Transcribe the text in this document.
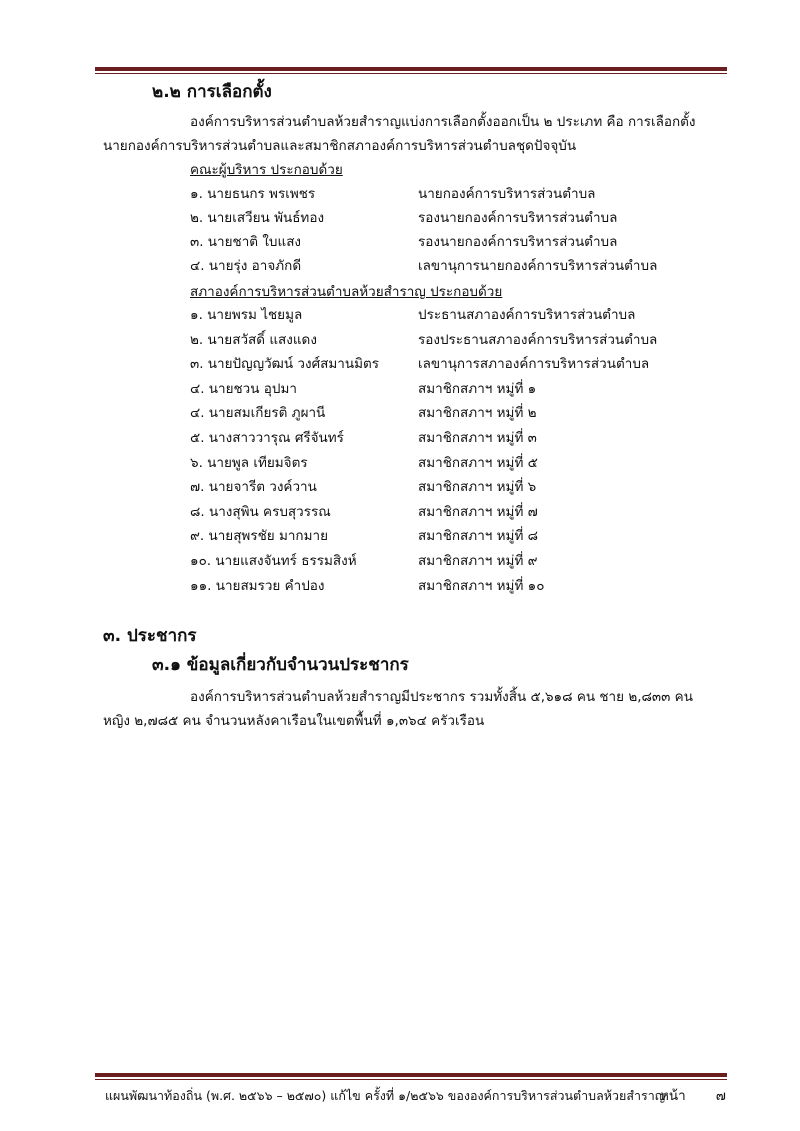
๒.๒ การเลือกตั้ง
องค์การบริหารส่วนตำบลห้วยสำราญแบ่งการเลือกตั้งออกเป็น ๒ ประเภท คือ การเลือกตั้ง
นายกองค์การบริหารส่วนตำบลและสมาชิกสภาองค์การบริหารส่วนตำบลชุดปัจจุบัน
คณะผู้บริหาร ประกอบด้วย
๑. นายธนกร พรเพชร	นายกองค์การบริหารส่วนตำบล
๒. นายเสวียน พันธ์ทอง	รองนายกองค์การบริหารส่วนตำบล
๓. นายชาติ ใบแสง	รองนายกองค์การบริหารส่วนตำบล
๔. นายรุ่ง อาจภักดี	เลขานุการนายกองค์การบริหารส่วนตำบล
สภาองค์การบริหารส่วนตำบลห้วยสำราญ ประกอบด้วย
๑. นายพรม ไชยมูล	ประธานสภาองค์การบริหารส่วนตำบล
๒. นายสวัสดิ์ แสงแดง	รองประธานสภาองค์การบริหารส่วนตำบล
๓. นายปัญญวัฒน์ วงศ์สมานมิตร	เลขานุการสภาองค์การบริหารส่วนตำบล
๔. นายชวน อุปมา	สมาชิกสภาฯ หมู่ที่ ๑
๔. นายสมเกียรติ ภูผานี	สมาชิกสภาฯ หมู่ที่ ๒
๕. นางสาววารุณ ศรีจันทร์	สมาชิกสภาฯ หมู่ที่ ๓
๖. นายพูล เทียมจิตร	สมาชิกสภาฯ หมู่ที่ ๕
๗. นายจารีต วงค์วาน	สมาชิกสภาฯ หมู่ที่ ๖
๘. นางสุพิน ครบสุวรรณ	สมาชิกสภาฯ หมู่ที่ ๗
๙. นายสุพรชัย มากมาย	สมาชิกสภาฯ หมู่ที่ ๘
๑๐. นายแสงจันทร์ ธรรมสิงห์	สมาชิกสภาฯ หมู่ที่ ๙
๑๑. นายสมรวย คำปอง	สมาชิกสภาฯ หมู่ที่ ๑๐
๓. ประชากร
๓.๑ ข้อมูลเกี่ยวกับจำนวนประชากร
องค์การบริหารส่วนตำบลห้วยสำราญมีประชากร รวมทั้งสิ้น ๕,๖๑๘ คน ชาย ๒,๘๓๓ คน
หญิง ๒,๗๘๕ คน จำนวนหลังคาเรือนในเขตพื้นที่ ๑,๓๖๔ ครัวเรือน
แผนพัฒนาท้องถิ่น (พ.ศ. ๒๕๖๖ – ๒๕๗๐) แก้ไข ครั้งที่ ๑/๒๕๖๖ ขององค์การบริหารส่วนตำบลห้วยสำราญ
หน้า ๗
